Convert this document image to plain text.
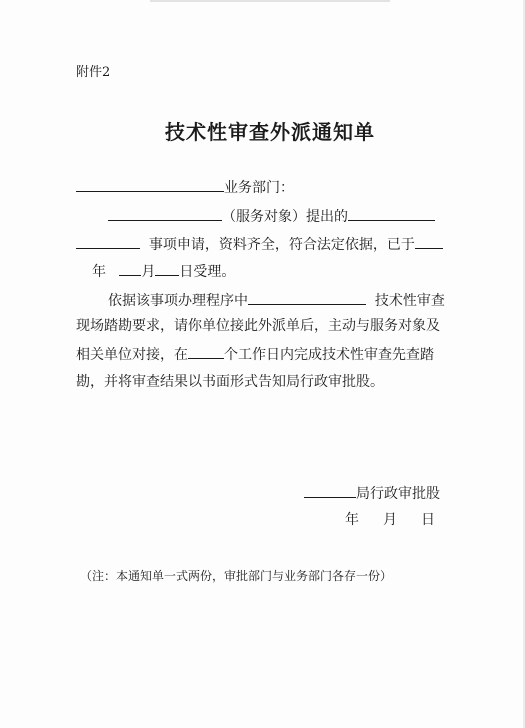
附件2
技术性审查外派通知单
业务部门：
（服务对象）提出的
事项申请，资料齐全，符合法定依据，已于
年	月 日受理。
依据该事项办理程序中	技术性审查
现场踏勘要求，请你单位接此外派单后，主动与服务对象及
相关单位对接，在	个工作日内完成技术性审查先查踏
勘，并将审查结果以书面形式告知局行政审批股。
局行政审批股
年 月 日
（注：本通知单一式两份，审批部门与业务部门各存一份）
